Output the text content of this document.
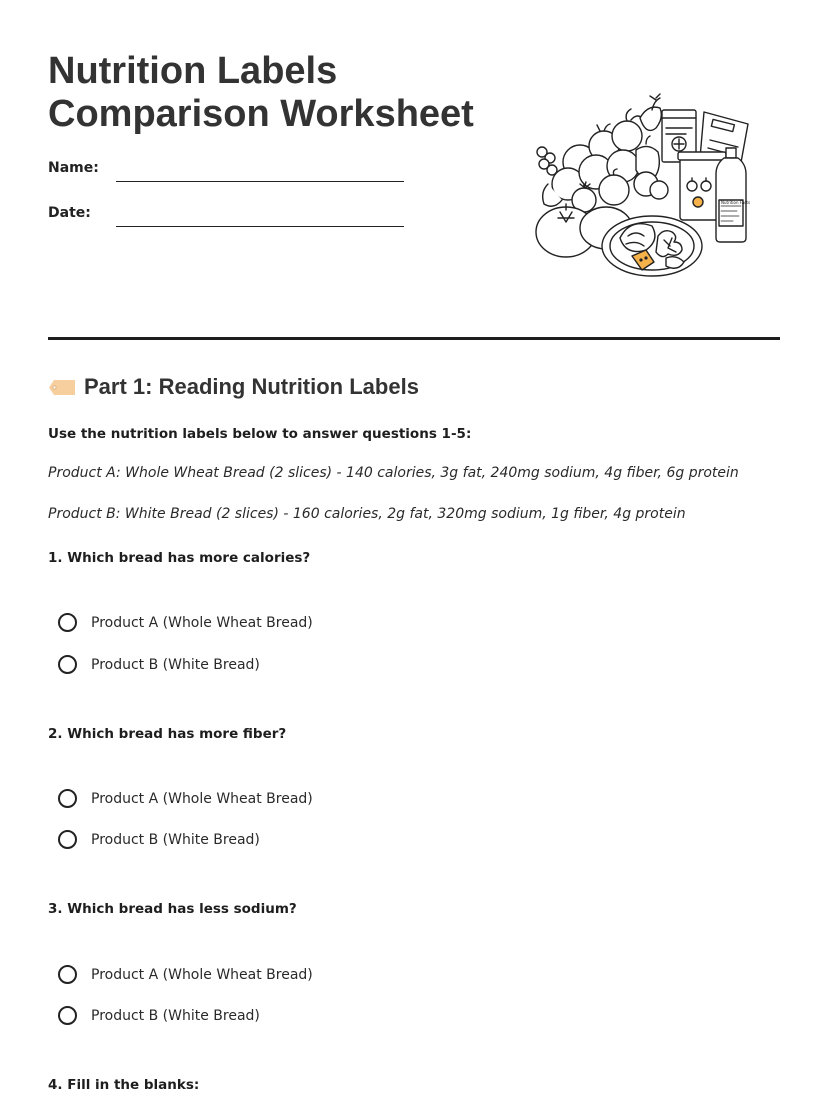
Nutrition Labels
Comparison Worksheet
Name:
Date:
Nutrition Facts
Part 1: Reading Nutrition Labels
Use the nutrition labels below to answer questions 1-5:
Product A: Whole Wheat Bread (2 slices) - 140 calories, 3g fat, 240mg sodium, 4g fiber, 6g protein
Product B: White Bread (2 slices) - 160 calories, 2g fat, 320mg sodium, 1g fiber, 4g protein
1. Which bread has more calories?
Product A (Whole Wheat Bread)
Product B (White Bread)
2. Which bread has more fiber?
Product A (Whole Wheat Bread)
Product B (White Bread)
3. Which bread has less sodium?
Product A (Whole Wheat Bread)
Product B (White Bread)
4. Fill in the blanks:
